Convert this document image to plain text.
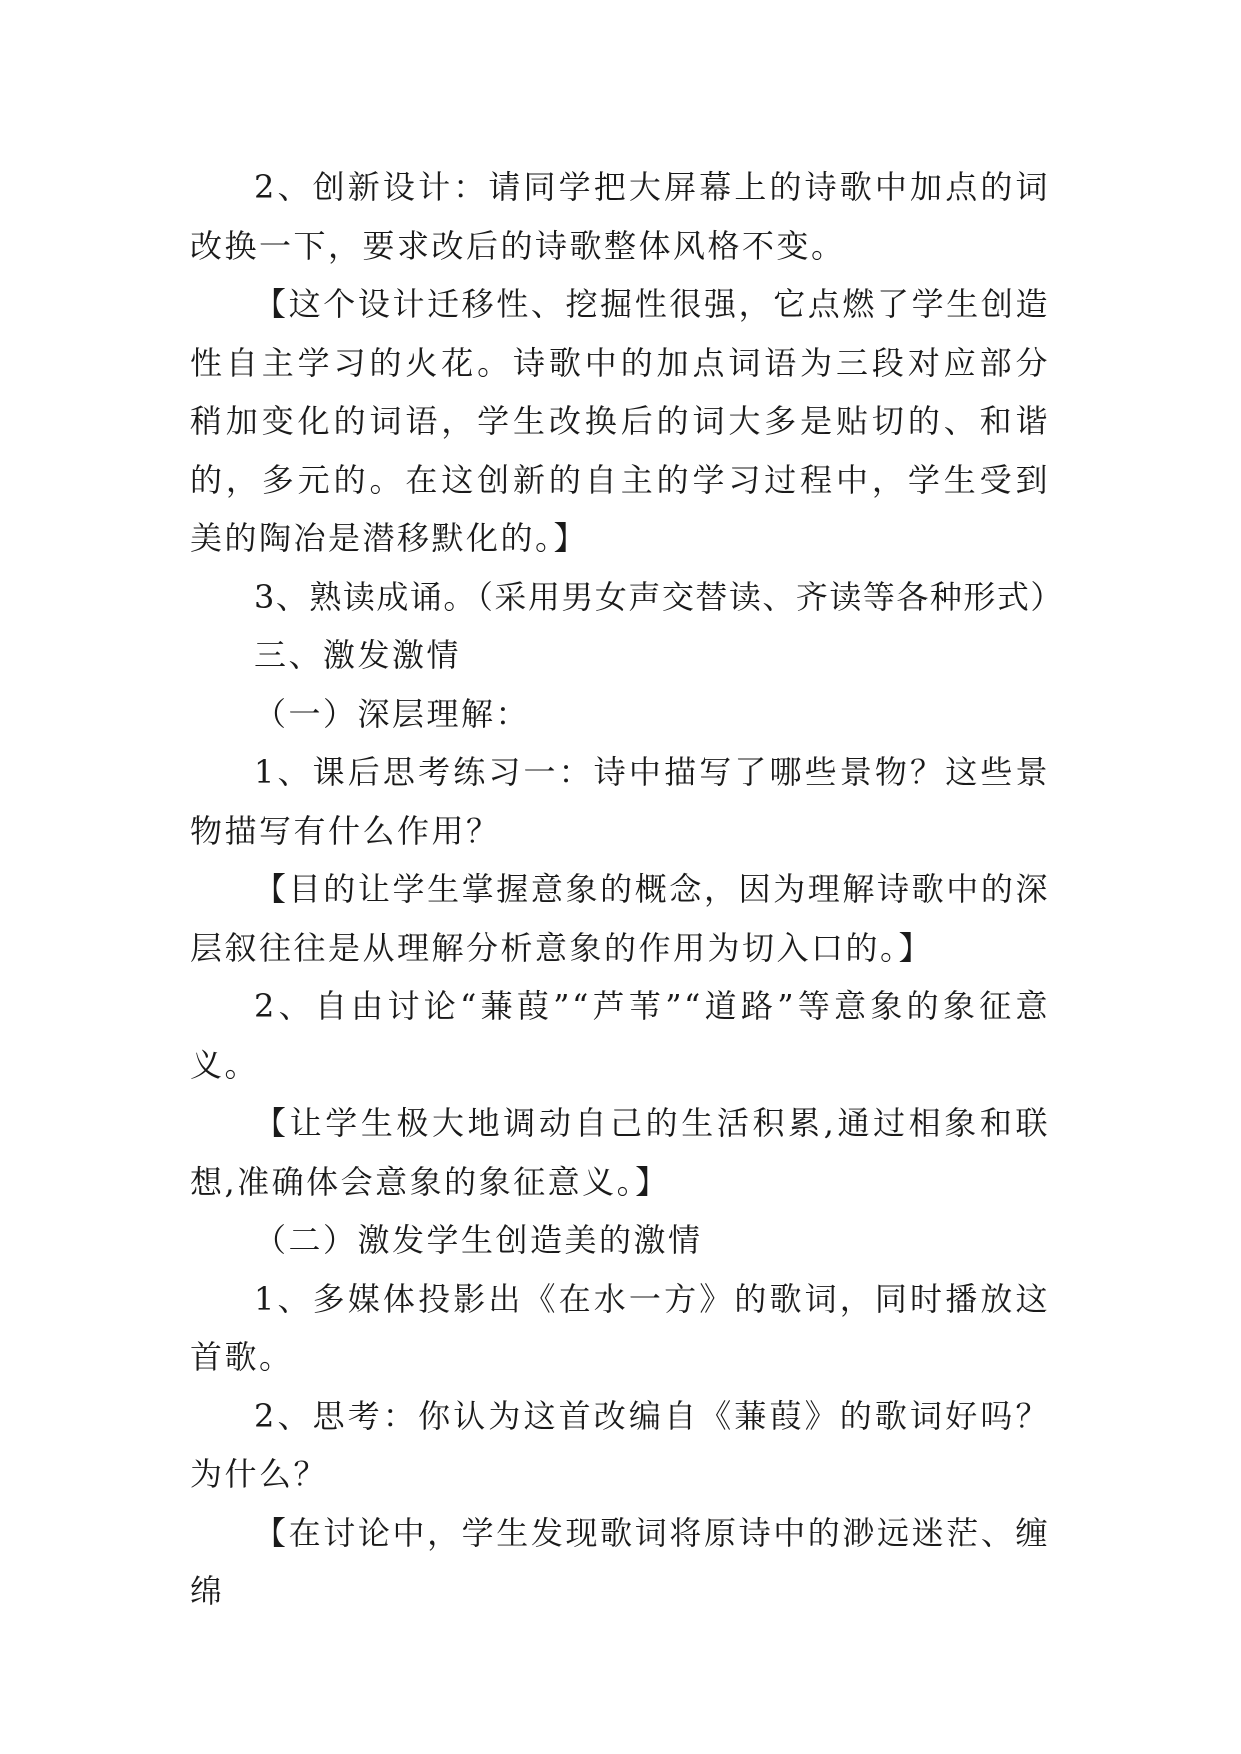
2、创新设计：请同学把大屏幕上的诗歌中加点的词改换一下，要求改后的诗歌整体风格不变。

【这个设计迁移性、挖掘性很强，它点燃了学生创造性自主学习的火花。诗歌中的加点词语为三段对应部分稍加变化的词语，学生改换后的词大多是贴切的、和谐的，多元的。在这创新的自主的学习过程中，学生受到美的陶冶是潜移默化的。】

3、熟读成诵。（采用男女声交替读、齐读等各种形式）

三、激发激情

（一）深层理解：

1、课后思考练习一：诗中描写了哪些景物？这些景物描写有什么作用？

【目的让学生掌握意象的概念，因为理解诗歌中的深层叙往往是从理解分析意象的作用为切入口的。】

2、自由讨论“蒹葭”“芦苇”“道路”等意象的象征意义。

【让学生极大地调动自己的生活积累,通过相象和联想,准确体会意象的象征意义。】

（二）激发学生创造美的激情

1、多媒体投影出《在水一方》的歌词，同时播放这首歌。

2、思考：你认为这首改编自《蒹葭》的歌词好吗？为什么？

【在讨论中，学生发现歌词将原诗中的渺远迷茫、缠绵
